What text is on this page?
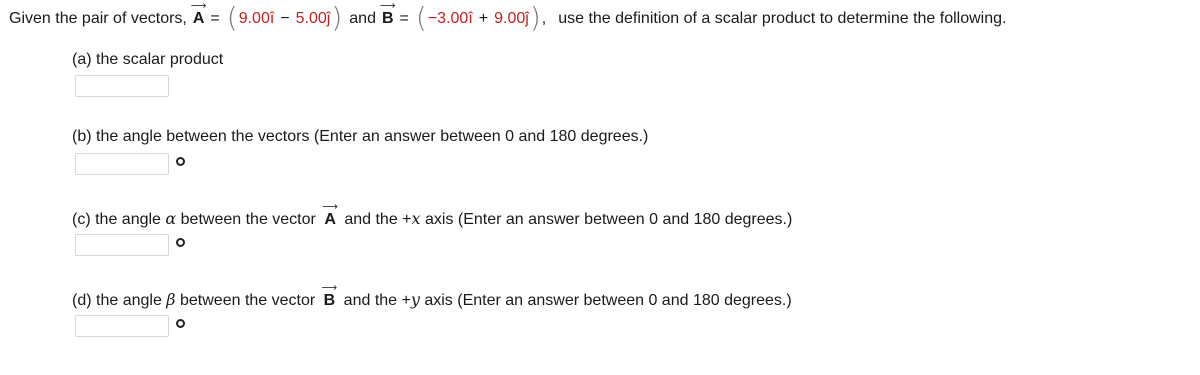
Given the pair of vectors,
⟶
A = ( 9.00î − 5.00ĵ ) and
⟶
B = ( −3.00î + 9.00ĵ ) , use the definition of a scalar product to determine the following.
(a) the scalar product
(b) the angle between the vectors (Enter an answer between 0 and 180 degrees.)
(c) the angle α between the vector
⟶
A and the +x axis (Enter an answer between 0 and 180 degrees.)
(d) the angle β between the vector
⟶
B and the +y axis (Enter an answer between 0 and 180 degrees.)
